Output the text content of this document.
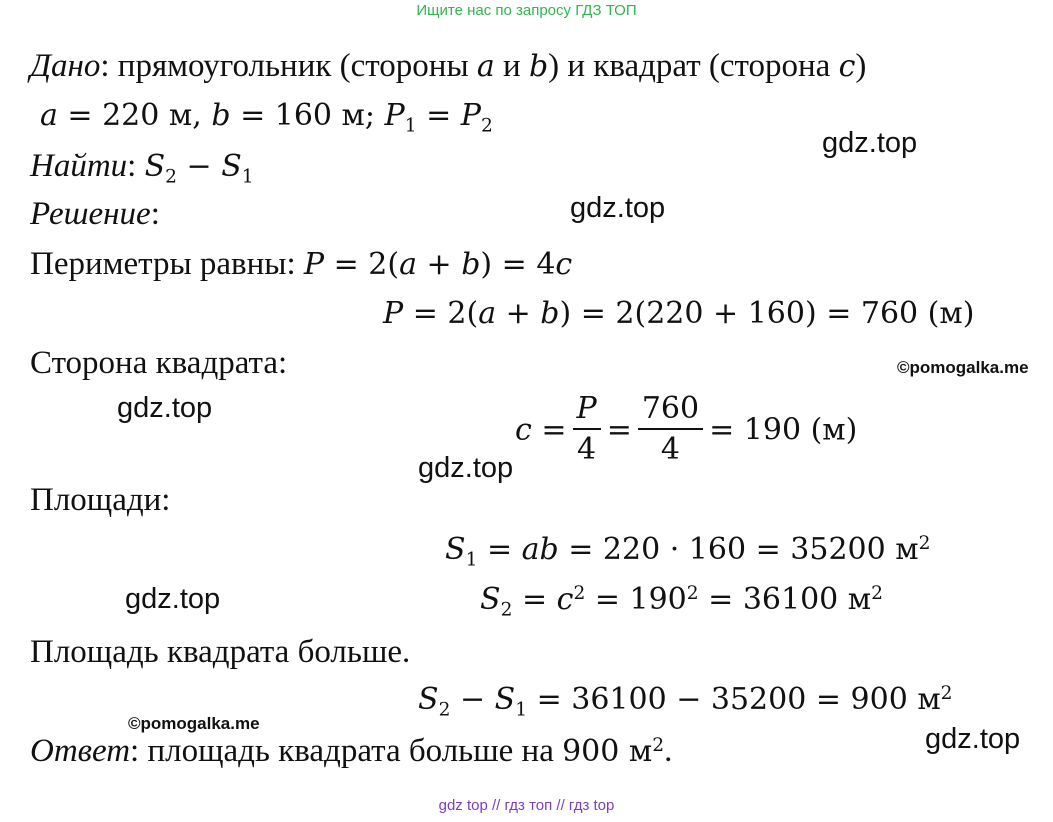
Ищите нас по запросу ГДЗ ТОП
Дано: прямоугольник (стороны a и b) и квадрат (сторона c)
a = 220 м, b = 160 м; $P_1 = P_2$
Найти: $S_2 - S_1$
Решение:
Периметры равны: P = 2(a + b) = 4c
P = 2(a + b) = 2(220 + 160) = 760 (м)
Сторона квадрата:
$c = \frac{P}{4} = \frac{760}{4} = 190$ (м)
Площади:
$S_1$ = ab = 220 · 160 = 35200 $м^2$
$S_2 = c^2 = 190^2 = 36100$ $м^2$
Площадь квадрата больше.
$S_2 - S_1 = 36100 - 35200 = 900$ $м^2$
Ответ: площадь квадрата больше на 900 $м^2$.
gdz.top
gdz.top
©pomogalka.me
gdz.top
gdz.top
gdz.top
©pomogalka.me	gdz.top
gdz top // гдз топ // гдз top
